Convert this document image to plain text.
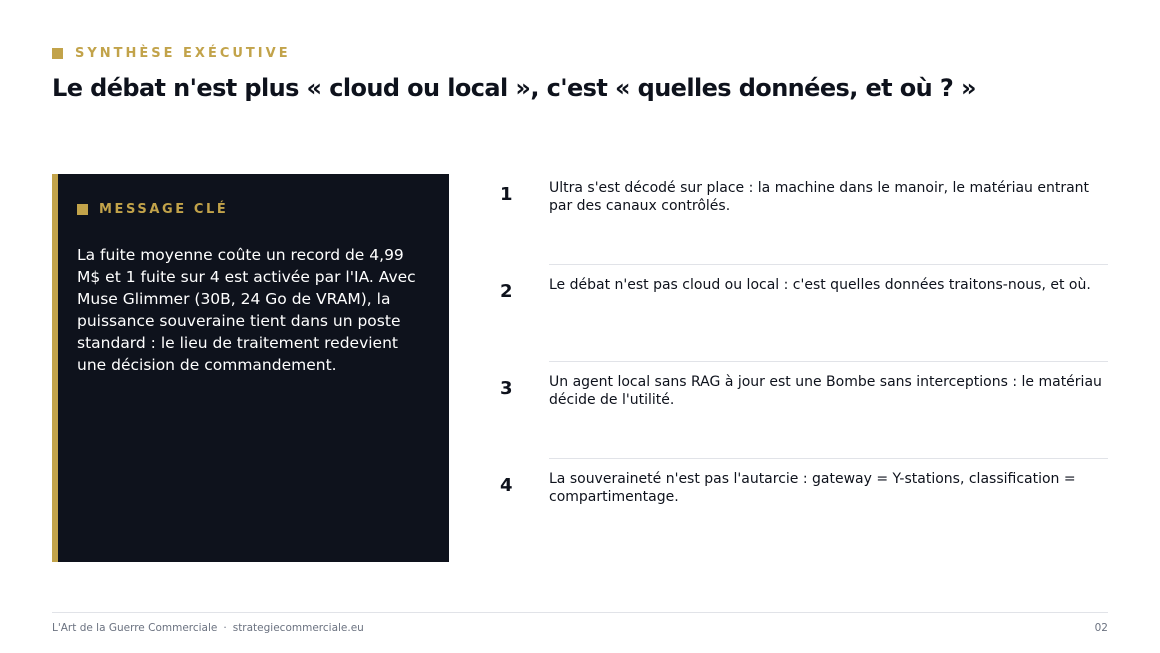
SYNTHÈSE EXÉCUTIVE
Le débat n'est plus « cloud ou local », c'est « quelles données, et où ? »
MESSAGE CLÉ
La fuite moyenne coûte un record de 4,99 M$ et 1 fuite sur 4 est activée par l'IA. Avec Muse Glimmer (30B, 24 Go de VRAM), la puissance souveraine tient dans un poste standard : le lieu de traitement redevient une décision de commandement.
1	Ultra s'est décodé sur place : la machine dans le manoir, le matériau entrant par des canaux contrôlés.
2	Le débat n'est pas cloud ou local : c'est quelles données traitons-nous, et où.
3	Un agent local sans RAG à jour est une Bombe sans interceptions : le matériau décide de l'utilité.
4	La souveraineté n'est pas l'autarcie : gateway = Y-stations, classification = compartimentage.
L'Art de la Guerre Commerciale · strategiecommerciale.eu	02
